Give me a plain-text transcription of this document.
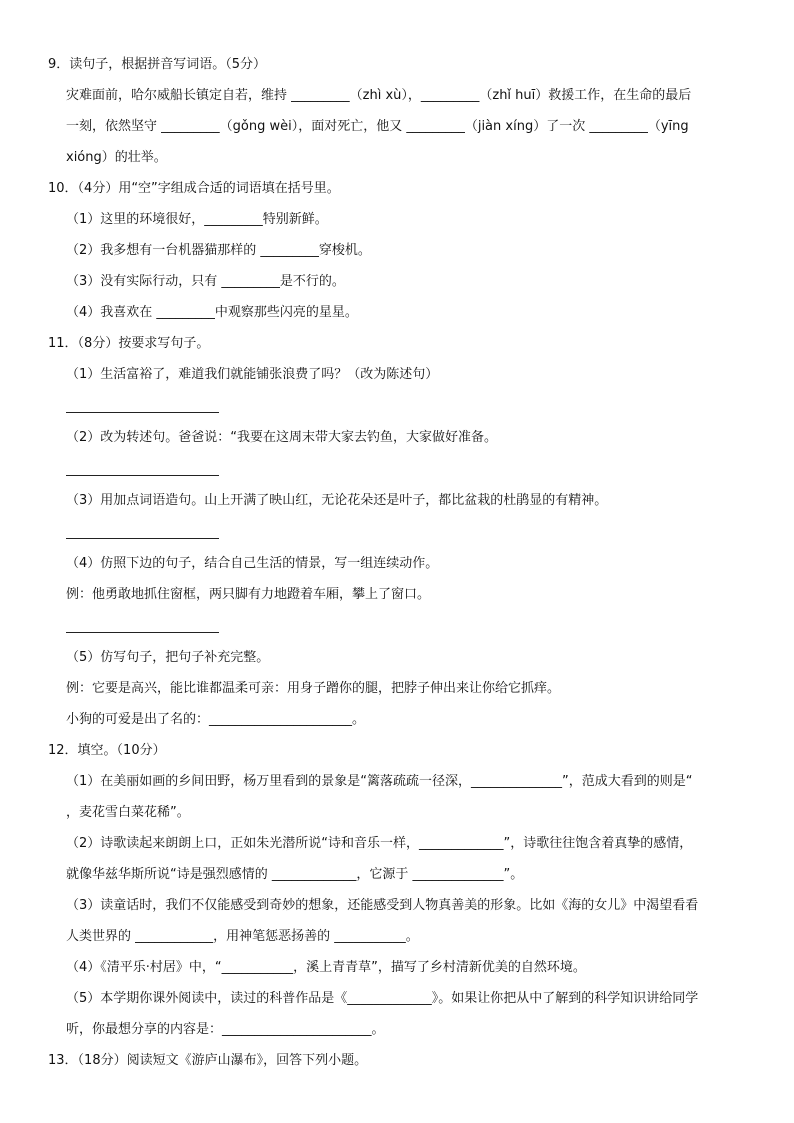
9．读句子，根据拼音写词语。（5分）
灾难面前，哈尔威船长镇定自若，维持 _________（zhì xù），_________（zhǐ huī）救援工作，在生命的最后
一刻，依然坚守 _________（gǒng wèi），面对死亡，他又 _________（jiàn xíng）了一次 _________（yīng
xióng）的壮举。
10．（4分）用“空”字组成合适的词语填在括号里。
（1）这里的环境很好，_________特别新鲜。
（2）我多想有一台机器猫那样的 _________穿梭机。
（3）没有实际行动，只有 _________是不行的。
（4）我喜欢在 _________中观察那些闪亮的星星。
11．（8分）按要求写句子。
（1）生活富裕了，难道我们就能铺张浪费了吗？（改为陈述句）
（2）改为转述句。爸爸说：“我要在这周末带大家去钓鱼，大家做好准备。
（3）用加点词语造句。山上开满了映山红，无论花朵还是叶子，都比盆栽的杜鹃显的有精神。
（4）仿照下边的句子，结合自己生活的情景，写一组连续动作。
例：他勇敢地抓住窗框，两只脚有力地蹬着车厢，攀上了窗口。
（5）仿写句子，把句子补充完整。
例：它要是高兴，能比谁都温柔可亲：用身子蹭你的腿，把脖子伸出来让你给它抓痒。
小狗的可爱是出了名的：______________________。
12．填空。（10分）
（1）在美丽如画的乡间田野，杨万里看到的景象是“篱落疏疏一径深，______________”，范成大看到的则是“
，麦花雪白菜花稀”。
（2）诗歌读起来朗朗上口，正如朱光潜所说“诗和音乐一样，_____________”，诗歌往往饱含着真挚的感情，
就像华兹华斯所说“诗是强烈感情的 _____________，它源于 ______________”。
（3）读童话时，我们不仅能感受到奇妙的想象，还能感受到人物真善美的形象。比如《海的女儿》中渴望看看
人类世界的 ____________，用神笔惩恶扬善的 ___________。
（4）《清平乐·村居》中，“___________，溪上青青草”，描写了乡村清新优美的自然环境。
（5）本学期你课外阅读中，读过的科普作品是《_____________》。如果让你把从中了解到的科学知识讲给同学
听，你最想分享的内容是：_______________________。
13．（18分）阅读短文《游庐山瀑布》，回答下列小题。
